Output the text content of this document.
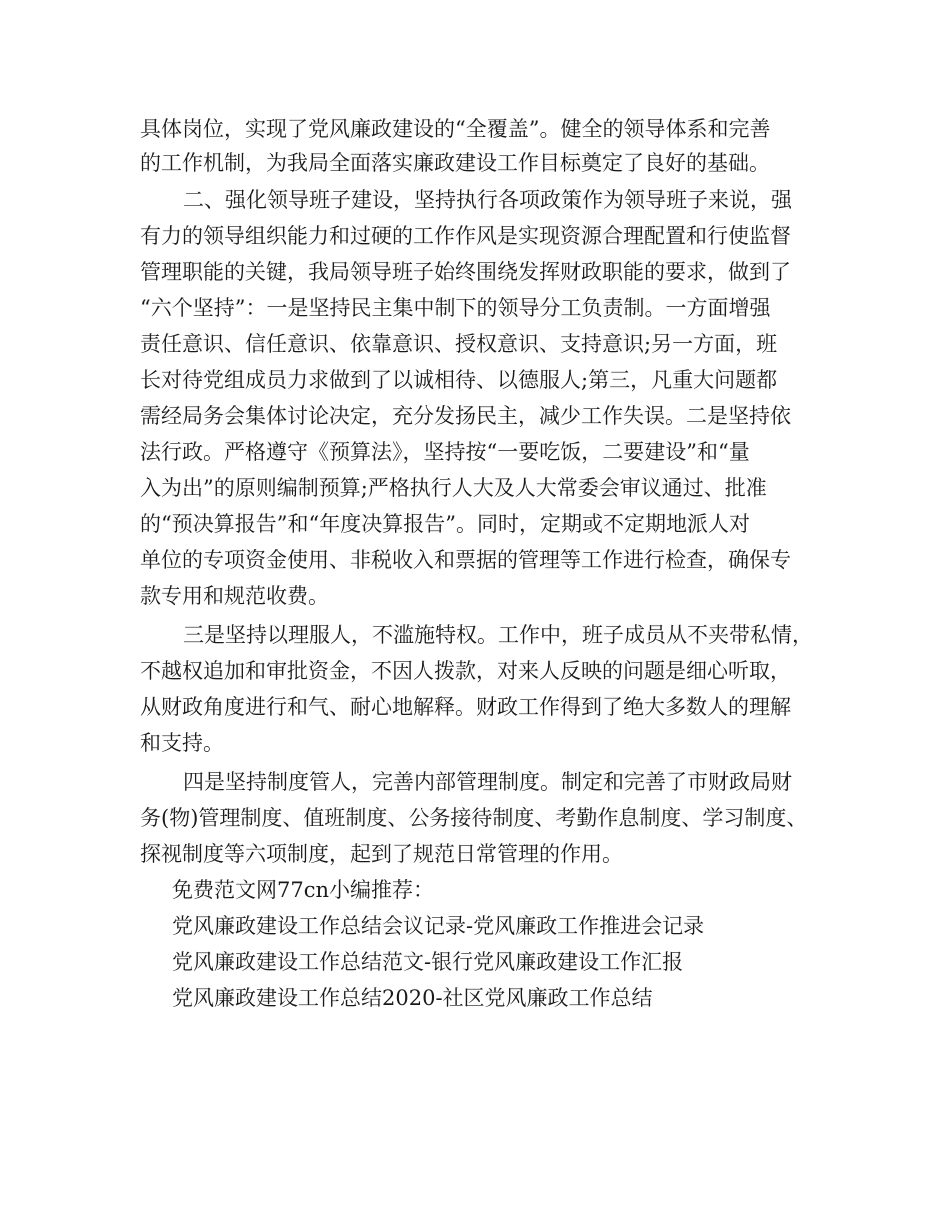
具体岗位，实现了党风廉政建设的“全覆盖”。健全的领导体系和完善
的工作机制，为我局全面落实廉政建设工作目标奠定了良好的基础。
二、强化领导班子建设，坚持执行各项政策作为领导班子来说，强
有力的领导组织能力和过硬的工作作风是实现资源合理配置和行使监督
管理职能的关键，我局领导班子始终围绕发挥财政职能的要求，做到了
“六个坚持”：一是坚持民主集中制下的领导分工负责制。一方面增强
责任意识、信任意识、依靠意识、授权意识、支持意识;另一方面，班
长对待党组成员力求做到了以诚相待、以德服人;第三，凡重大问题都
需经局务会集体讨论决定，充分发扬民主，减少工作失误。二是坚持依
法行政。严格遵守《预算法》，坚持按“一要吃饭，二要建设”和“量
入为出”的原则编制预算;严格执行人大及人大常委会审议通过、批准
的“预决算报告”和“年度决算报告”。同时，定期或不定期地派人对
单位的专项资金使用、非税收入和票据的管理等工作进行检查，确保专
款专用和规范收费。
三是坚持以理服人，不滥施特权。工作中，班子成员从不夹带私情，
不越权追加和审批资金，不因人拨款，对来人反映的问题是细心听取，
从财政角度进行和气、耐心地解释。财政工作得到了绝大多数人的理解
和支持。
四是坚持制度管人，完善内部管理制度。制定和完善了市财政局财
务(物)管理制度、值班制度、公务接待制度、考勤作息制度、学习制度、
探视制度等六项制度，起到了规范日常管理的作用。
免费范文网77cn小编推荐：
党风廉政建设工作总结会议记录-党风廉政工作推进会记录
党风廉政建设工作总结范文-银行党风廉政建设工作汇报
党风廉政建设工作总结2020-社区党风廉政工作总结
